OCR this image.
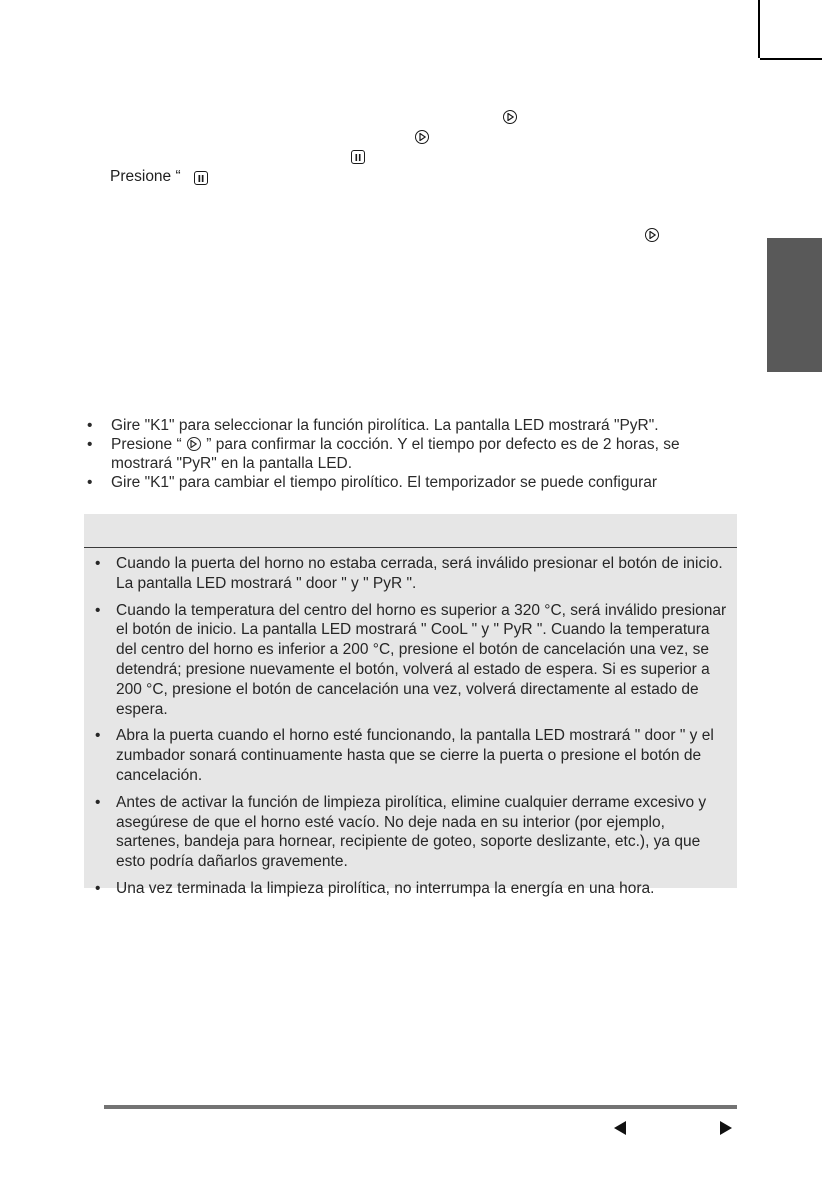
Presione “
• Gire "K1" para seleccionar la función pirolítica. La pantalla LED mostrará "PyR".
• Presione “ ” para confirmar la cocción. Y el tiempo por defecto es de 2 horas, se mostrará "PyR" en la pantalla LED.
• Gire "K1" para cambiar el tiempo pirolítico. El temporizador se puede configurar
• Cuando la puerta del horno no estaba cerrada, será inválido presionar el botón de inicio. La pantalla LED mostrará " door " y " PyR ".
• Cuando la temperatura del centro del horno es superior a 320 °C, será inválido presionar el botón de inicio. La pantalla LED mostrará " CooL " y " PyR ". Cuando la temperatura del centro del horno es inferior a 200 °C, presione el botón de cancelación una vez, se detendrá; presione nuevamente el botón, volverá al estado de espera. Si es superior a 200 °C, presione el botón de cancelación una vez, volverá directamente al estado de espera.
• Abra la puerta cuando el horno esté funcionando, la pantalla LED mostrará " door " y el zumbador sonará continuamente hasta que se cierre la puerta o presione el botón de cancelación.
• Antes de activar la función de limpieza pirolítica, elimine cualquier derrame excesivo y asegúrese de que el horno esté vacío. No deje nada en su interior (por ejemplo, sartenes, bandeja para hornear, recipiente de goteo, soporte deslizante, etc.), ya que esto podría dañarlos gravemente.
• Una vez terminada la limpieza pirolítica, no interrumpa la energía en una hora.
